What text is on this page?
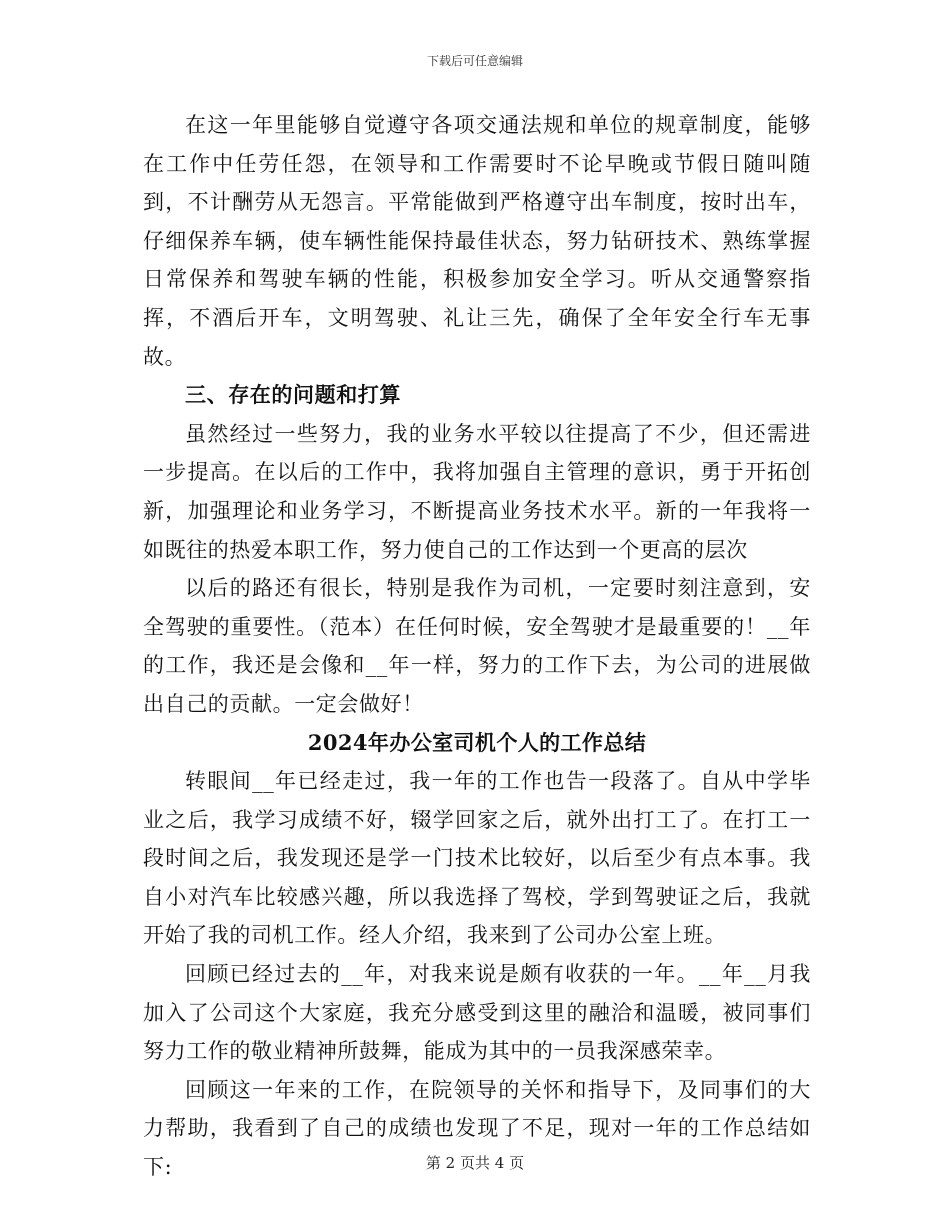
下载后可任意编辑

在这一年里能够自觉遵守各项交通法规和单位的规章制度，能够在工作中任劳任怨，在领导和工作需要时不论早晚或节假日随叫随到，不计酬劳从无怨言。平常能做到严格遵守出车制度，按时出车，仔细保养车辆，使车辆性能保持最佳状态，努力钻研技术、熟练掌握日常保养和驾驶车辆的性能，积极参加安全学习。听从交通警察指挥，不酒后开车，文明驾驶、礼让三先，确保了全年安全行车无事故。

三、存在的问题和打算

虽然经过一些努力，我的业务水平较以往提高了不少，但还需进一步提高。在以后的工作中，我将加强自主管理的意识，勇于开拓创新，加强理论和业务学习，不断提高业务技术水平。新的一年我将一如既往的热爱本职工作，努力使自己的工作达到一个更高的层次

以后的路还有很长，特别是我作为司机，一定要时刻注意到，安全驾驶的重要性。（范本）在任何时候，安全驾驶才是最重要的！__年的工作，我还是会像和__年一样，努力的工作下去，为公司的进展做出自己的贡献。一定会做好！

2024年办公室司机个人的工作总结

转眼间__年已经走过，我一年的工作也告一段落了。自从中学毕业之后，我学习成绩不好，辍学回家之后，就外出打工了。在打工一段时间之后，我发现还是学一门技术比较好，以后至少有点本事。我自小对汽车比较感兴趣，所以我选择了驾校，学到驾驶证之后，我就开始了我的司机工作。经人介绍，我来到了公司办公室上班。

回顾已经过去的__年，对我来说是颇有收获的一年。__年__月我加入了公司这个大家庭，我充分感受到这里的融洽和温暖，被同事们努力工作的敬业精神所鼓舞，能成为其中的一员我深感荣幸。

回顾这一年来的工作，在院领导的关怀和指导下，及同事们的大力帮助，我看到了自己的成绩也发现了不足，现对一年的工作总结如下:	第 2 页共 4 页
